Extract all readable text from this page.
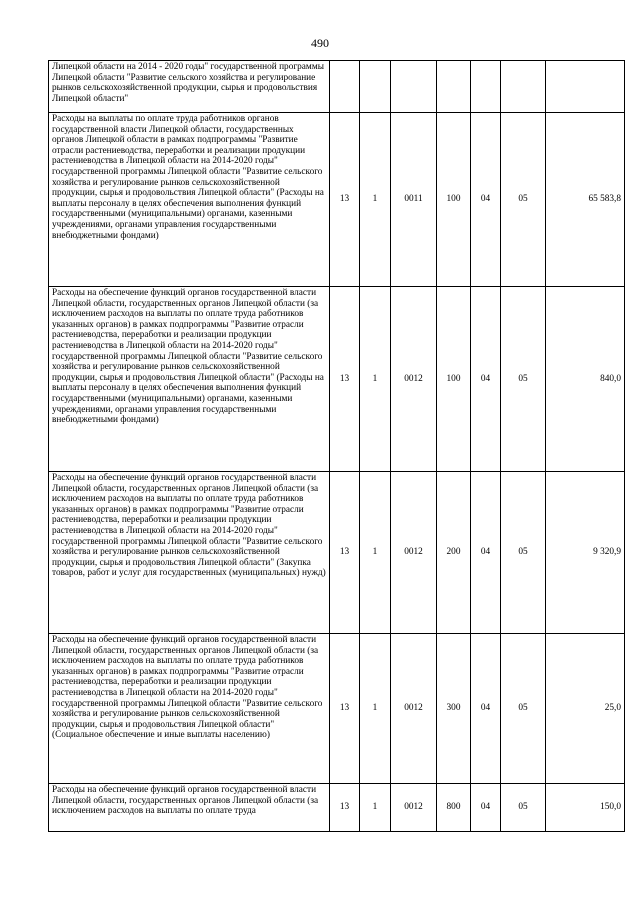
490
Липецкой области на 2014 - 2020 годы" государственной программы Липецкой области "Развитие сельского хозяйства и регулирование рынков сельскохозяйственной продукции, сырья и продовольствия Липецкой области"							
Расходы на выплаты по оплате труда работников органов государственной власти Липецкой области, государственных органов Липецкой области в рамках подпрограммы "Развитие отрасли растениеводства, переработки и реализации продукции растениеводства в Липецкой области на 2014-2020 годы" государственной программы Липецкой области "Развитие сельского хозяйства и регулирование рынков сельскохозяйственной продукции, сырья и продовольствия Липецкой области" (Расходы на выплаты персоналу в целях обеспечения выполнения функций государственными (муниципальными) органами, казенными учреждениями, органами управления государственными внебюджетными фондами)	13	1	0011	100	04	05	65 583,8
Расходы на обеспечение функций органов государственной власти Липецкой области, государственных органов Липецкой области (за исключением расходов на выплаты по оплате труда работников указанных органов) в рамках подпрограммы "Развитие отрасли растениеводства, переработки и реализации продукции растениеводства в Липецкой области на 2014-2020 годы" государственной программы Липецкой области "Развитие сельского хозяйства и регулирование рынков сельскохозяйственной продукции, сырья и продовольствия Липецкой области" (Расходы на выплаты персоналу в целях обеспечения выполнения функций государственными (муниципальными) органами, казенными учреждениями, органами управления государственными внебюджетными фондами)	13	1	0012	100	04	05	840,0
Расходы на обеспечение функций органов государственной власти Липецкой области, государственных органов Липецкой области (за исключением расходов на выплаты по оплате труда работников указанных органов) в рамках подпрограммы "Развитие отрасли растениеводства, переработки и реализации продукции растениеводства в Липецкой области на 2014-2020 годы" государственной программы Липецкой области "Развитие сельского хозяйства и регулирование рынков сельскохозяйственной продукции, сырья и продовольствия Липецкой области" (Закупка товаров, работ и услуг для государственных (муниципальных) нужд)	13	1	0012	200	04	05	9 320,9
Расходы на обеспечение функций органов государственной власти Липецкой области, государственных органов Липецкой области (за исключением расходов на выплаты по оплате труда работников указанных органов) в рамках подпрограммы "Развитие отрасли растениеводства, переработки и реализации продукции растениеводства в Липецкой области на 2014-2020 годы" государственной программы Липецкой области "Развитие сельского хозяйства и регулирование рынков сельскохозяйственной продукции, сырья и продовольствия Липецкой области" (Социальное обеспечение и иные выплаты населению)	13	1	0012	300	04	05	25,0
Расходы на обеспечение функций органов государственной власти Липецкой области, государственных органов Липецкой области (за исключением расходов на выплаты по оплате труда	13	1	0012	800	04	05	150,0
